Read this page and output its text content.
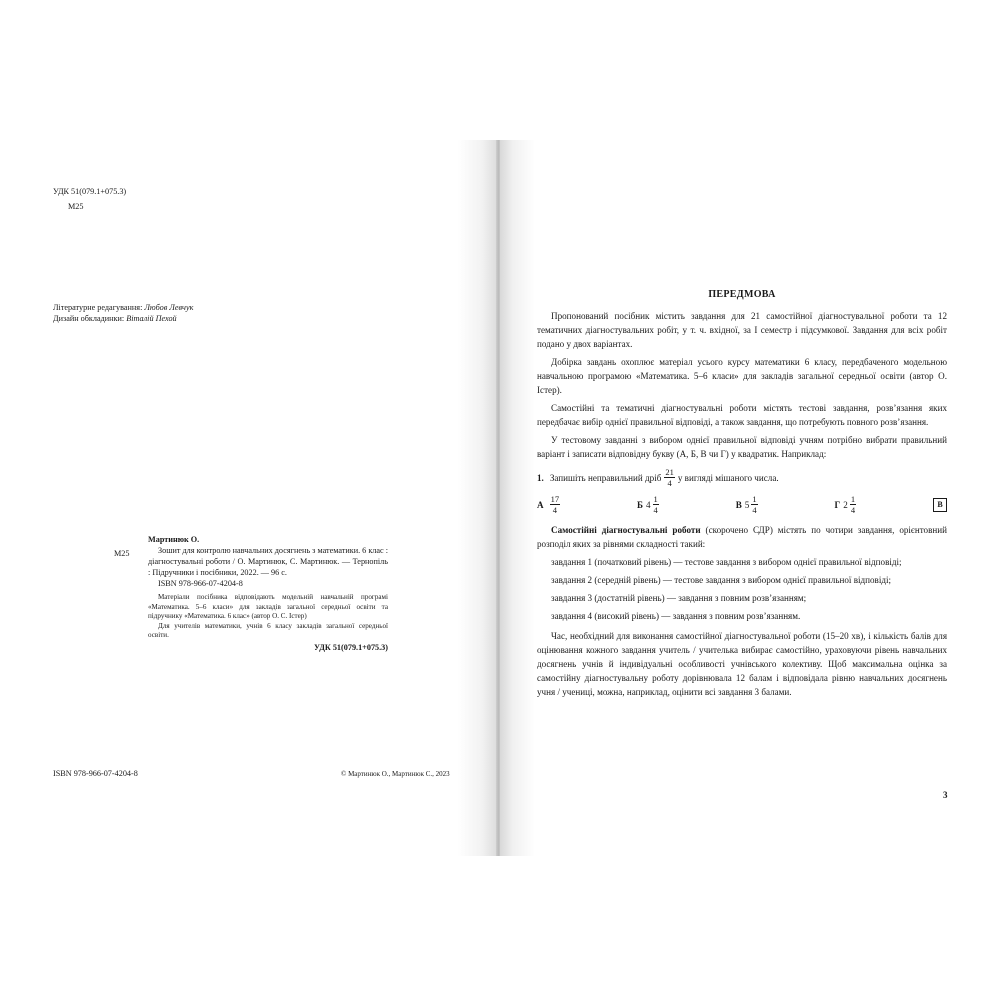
УДК 51(079.1+075.3)
M25
Літературне редагування: Любов Левчук
Дизайн обкладинки: Віталій Пехой
M25
Мартинюк О.

Зошит для контролю навчальних досягнень з математики. 6 клас : діагностувальні роботи / О. Мартинюк, С. Мартинюк. — Тернопіль : Підручники і посібники, 2022. — 96 с.

ISBN 978-966-07-4204-8

Матеріали посібника відповідають модельній навчальній програмі «Математика. 5–6 класи» для закладів загальної середньої освіти та підручнику «Математика. 6 клас» (автор О. С. Істер)

Для учителів математики, учнів 6 класу закладів загальної середньої освіти.

УДК 51(079.1+075.3)
ISBN 978-966-07-4204-8	© Мартинюк О., Мартинюк С., 2023
ПЕРЕДМОВА

Пропонований посібник містить завдання для 21 самостійної діагностувальної роботи та 12 тематичних діагностувальних робіт, у т. ч. вхідної, за I семестр і підсумкової. Завдання для всіх робіт подано у двох варіантах.

Добірка завдань охоплює матеріал усього курсу математики 6 класу, передбаченого модельною навчальною програмою «Математика. 5–6 класи» для закладів загальної середньої освіти (автор О. Істер).

Самостійні та тематичні діагностувальні роботи містять тестові завдання, розв’язання яких передбачає вибір однієї правильної відповіді, а також завдання, що потребують повного розв’язання.

У тестовому завданні з вибором однієї правильної відповіді учням потрібно вибрати правильний варіант і записати відповідну букву (А, Б, В чи Г) у квадратик. Наприклад:

1. Запишіть неправильний дріб $\frac{21}{4}$ у вигляді мішаного числа.
А $\frac{17}{4}$	Б $4 \frac{1}{4}$	В $5 \frac{1}{4}$	Г $2 \frac{1}{4}$	В

Самостійні діагностувальні роботи (скорочено СДР) містять по чотири завдання, орієнтовний розподіл яких за рівнями складності такий:

завдання 1 (початковий рівень) — тестове завдання з вибором однієї правильної відповіді;

завдання 2 (середній рівень) — тестове завдання з вибором однієї правильної відповіді;

завдання 3 (достатній рівень) — завдання з повним розв’язанням;

завдання 4 (високий рівень) — завдання з повним розв’язанням.

Час, необхідний для виконання самостійної діагностувальної роботи (15–20 хв), і кількість балів для оцінювання кожного завдання учитель / учителька вибирає самостійно, ураховуючи рівень навчальних досягнень учнів й індивідуальні особливості учнівського колективу. Щоб максимальна оцінка за самостійну діагностувальну роботу дорівнювала 12 балам і відповідала рівню навчальних досягнень учня / учениці, можна, наприклад, оцінити всі завдання 3 балами.

3
